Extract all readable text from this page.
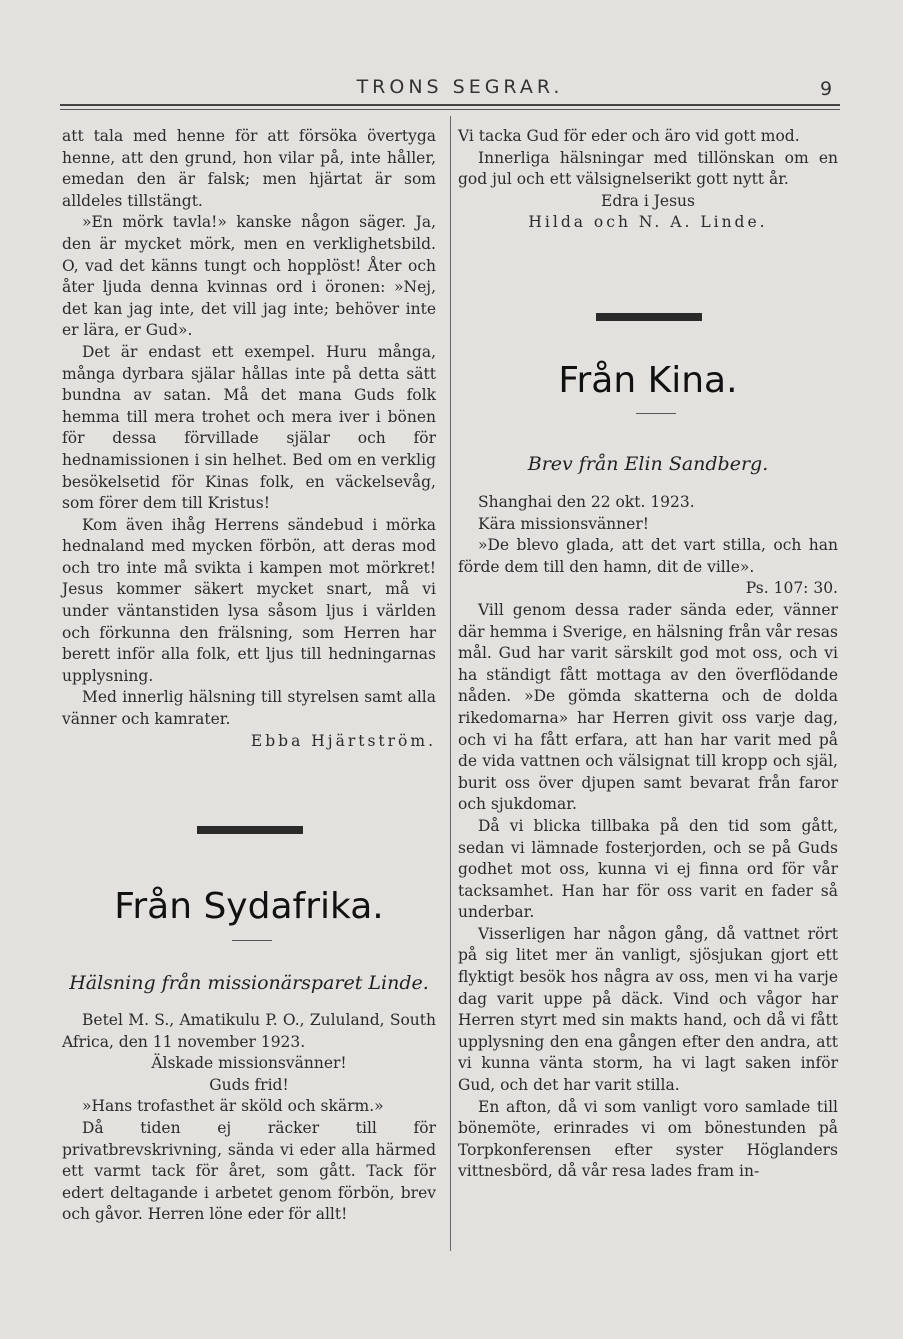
TRONS SEGRAR.	9

att tala med henne för att försöka övertyga henne, att den grund, hon vilar på, inte håller, emedan den är falsk; men hjärtat är som alldeles tillstängt.

»En mörk tavla!» kanske någon säger. Ja, den är mycket mörk, men en verklighetsbild. O, vad det känns tungt och hopplöst! Åter och åter ljuda denna kvinnas ord i öronen: »Nej, det kan jag inte, det vill jag inte; behöver inte er lära, er Gud».

Det är endast ett exempel. Huru många, många dyrbara själar hållas inte på detta sätt bundna av satan. Må det mana Guds folk hemma till mera trohet och mera iver i bönen för dessa förvillade själar och för hednamissionen i sin helhet. Bed om en verklig besökelsetid för Kinas folk, en väckelsevåg, som förer dem till Kristus!

Kom även ihåg Herrens sändebud i mörka hednaland med mycken förbön, att deras mod och tro inte må svikta i kampen mot mörkret! Jesus kommer säkert mycket snart, må vi under väntanstiden lysa såsom ljus i världen och förkunna den frälsning, som Herren har berett inför alla folk, ett ljus till hedningarnas upplysning.

Med innerlig hälsning till styrelsen samt alla vänner och kamrater.

Ebba Hjärtström.

Från Sydafrika.
Hälsning från missionärsparet Linde.

Betel M. S., Amatikulu P. O., Zululand, South Africa, den 11 november 1923.

Älskade missionsvänner!

Guds frid!

»Hans trofasthet är sköld och skärm.»

Då tiden ej räcker till för privatbrevskrivning, sända vi eder alla härmed ett varmt tack för året, som gått. Tack för edert deltagande i arbetet genom förbön, brev och gåvor. Herren löne eder för allt!

Vi tacka Gud för eder och äro vid gott mod.

Innerliga hälsningar med tillönskan om en god jul och ett välsignelserikt gott nytt år.

Edra i Jesus

Hilda och N. A. Linde.

Från Kina.
Brev från Elin Sandberg.

Shanghai den 22 okt. 1923.

Kära missionsvänner!

»De blevo glada, att det vart stilla, och han förde dem till den hamn, dit de ville».

Ps. 107: 30.

Vill genom dessa rader sända eder, vänner där hemma i Sverige, en hälsning från vår resas mål. Gud har varit särskilt god mot oss, och vi ha ständigt fått mottaga av den överflödande nåden. »De gömda skatterna och de dolda rikedomarna» har Herren givit oss varje dag, och vi ha fått erfara, att han har varit med på de vida vattnen och välsignat till kropp och själ, burit oss över djupen samt bevarat från faror och sjukdomar.

Då vi blicka tillbaka på den tid som gått, sedan vi lämnade fosterjorden, och se på Guds godhet mot oss, kunna vi ej finna ord för vår tacksamhet. Han har för oss varit en fader så underbar.

Visserligen har någon gång, då vattnet rört på sig litet mer än vanligt, sjösjukan gjort ett flyktigt besök hos några av oss, men vi ha varje dag varit uppe på däck. Vind och vågor har Herren styrt med sin makts hand, och då vi fått upplysning den ena gången efter den andra, att vi kunna vänta storm, ha vi lagt saken inför Gud, och det har varit stilla.

En afton, då vi som vanligt voro samlade till bönemöte, erinrades vi om bönestunden på Torpkonferensen efter syster Höglanders vittnesbörd, då vår resa lades fram in-
